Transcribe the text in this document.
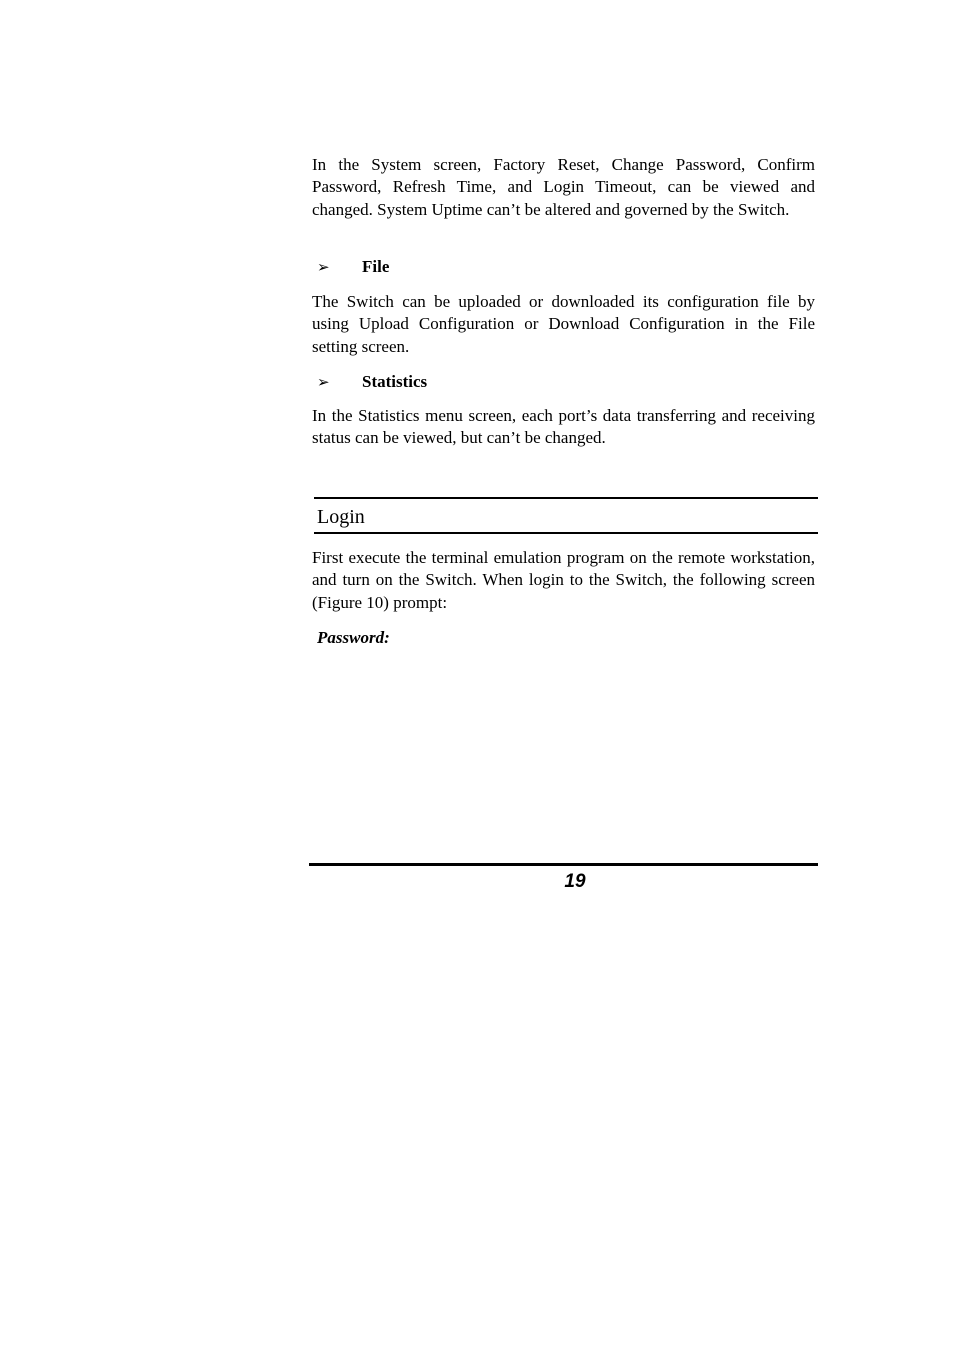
In the System screen, Factory Reset, Change Password, Confirm Password, Refresh Time, and Login Timeout, can be viewed and changed. System Uptime can’t be altered and governed by the Switch.

➢ File

The Switch can be uploaded or downloaded its configuration file by using Upload Configuration or Download Configuration in the File setting screen.

➢ Statistics

In the Statistics menu screen, each port’s data transferring and receiving status can be viewed, but can’t be changed.

Login

First execute the terminal emulation program on the remote workstation, and turn on the Switch. When login to the Switch, the following screen (Figure 10) prompt:

Password:
19
